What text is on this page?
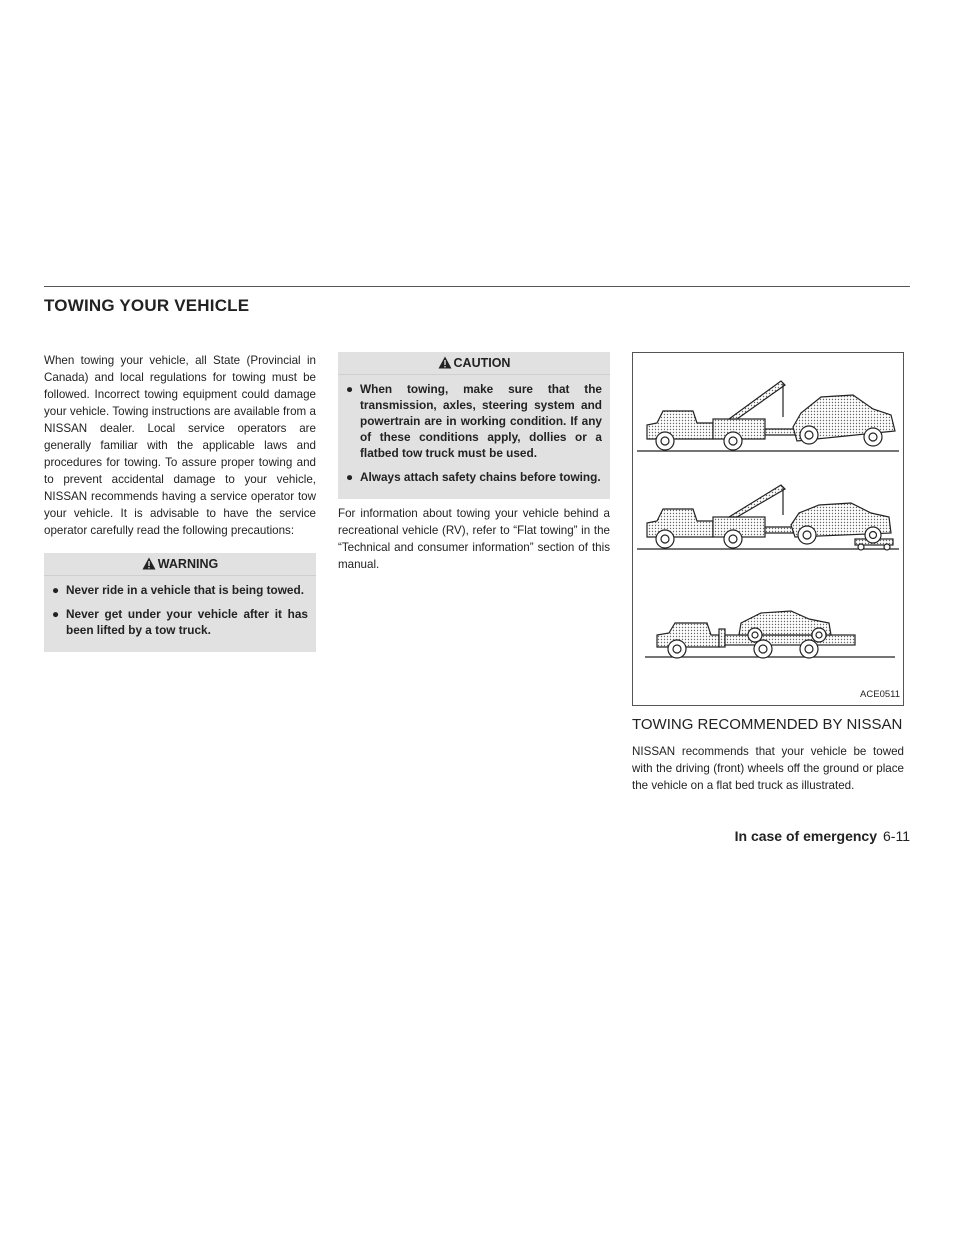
TOWING YOUR VEHICLE

When towing your vehicle, all State (Provincial in Canada) and local regulations for towing must be followed. Incorrect towing equipment could damage your vehicle. Towing instructions are available from a NISSAN dealer. Local service operators are generally familiar with the applicable laws and procedures for towing. To assure proper towing and to prevent accidental damage to your vehicle, NISSAN recommends having a service operator tow your vehicle. It is advisable to have the service operator carefully read the following precautions:

WARNING
● Never ride in a vehicle that is being towed.
● Never get under your vehicle after it has been lifted by a tow truck.
CAUTION
● When towing, make sure that the transmission, axles, steering system and powertrain are in working condition. If any of these conditions apply, dollies or a flatbed tow truck must be used.
● Always attach safety chains before towing.

For information about towing your vehicle behind a recreational vehicle (RV), refer to “Flat towing” in the “Technical and consumer information” section of this manual.

ACE0511
TOWING RECOMMENDED BY NISSAN

NISSAN recommends that your vehicle be towed with the driving (front) wheels off the ground or place the vehicle on a flat bed truck as illustrated.

In case of emergency 6-11
